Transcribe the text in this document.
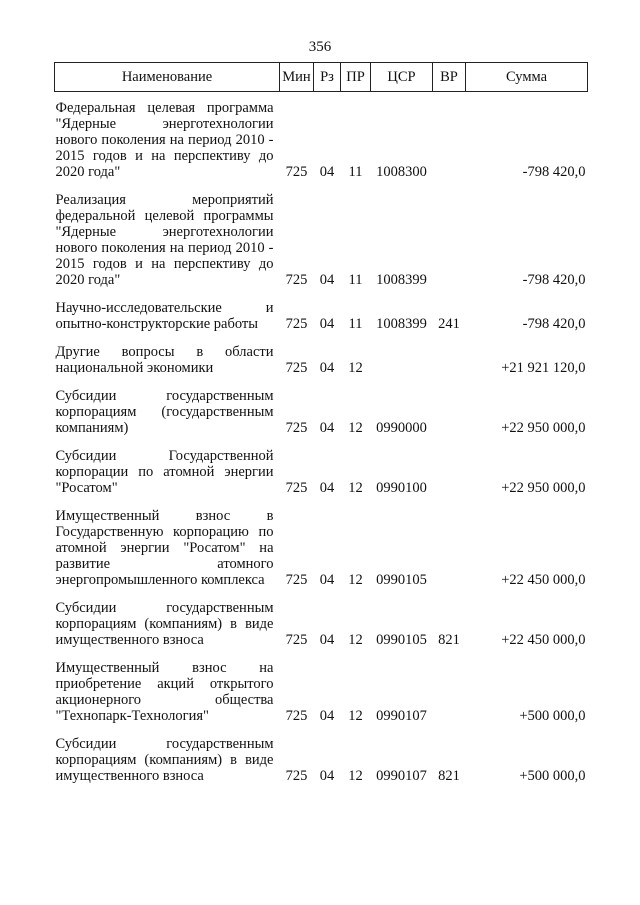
356
Наименование	Мин	Рз	ПР	ЦСР	ВР	Сумма
Федеральная целевая программа "Ядерные энерготехнологии нового поколения на период 2010 - 2015 годов и на перспективу до 2020 года"	725	04	11	1008300		-798 420,0
Реализация мероприятий федеральной целевой программы "Ядерные энерготехнологии нового поколения на период 2010 - 2015 годов и на перспективу до 2020 года"	725	04	11	1008399		-798 420,0
Научно-исследовательские и опытно-конструкторские работы	725	04	11	1008399	241	-798 420,0
Другие вопросы в области национальной экономики	725	04	12			+21 921 120,0
Субсидии государственным корпорациям (государственным компаниям)	725	04	12	0990000		+22 950 000,0
Субсидии Государственной корпорации по атомной энергии "Росатом"	725	04	12	0990100		+22 950 000,0
Имущественный взнос в Государственную корпорацию по атомной энергии "Росатом" на развитие атомного энергопромышленного комплекса	725	04	12	0990105		+22 450 000,0
Субсидии государственным корпорациям (компаниям) в виде имущественного взноса	725	04	12	0990105	821	+22 450 000,0
Имущественный взнос на приобретение акций открытого акционерного общества "Технопарк-Технология"	725	04	12	0990107		+500 000,0
Субсидии государственным корпорациям (компаниям) в виде имущественного взноса	725	04	12	0990107	821	+500 000,0
